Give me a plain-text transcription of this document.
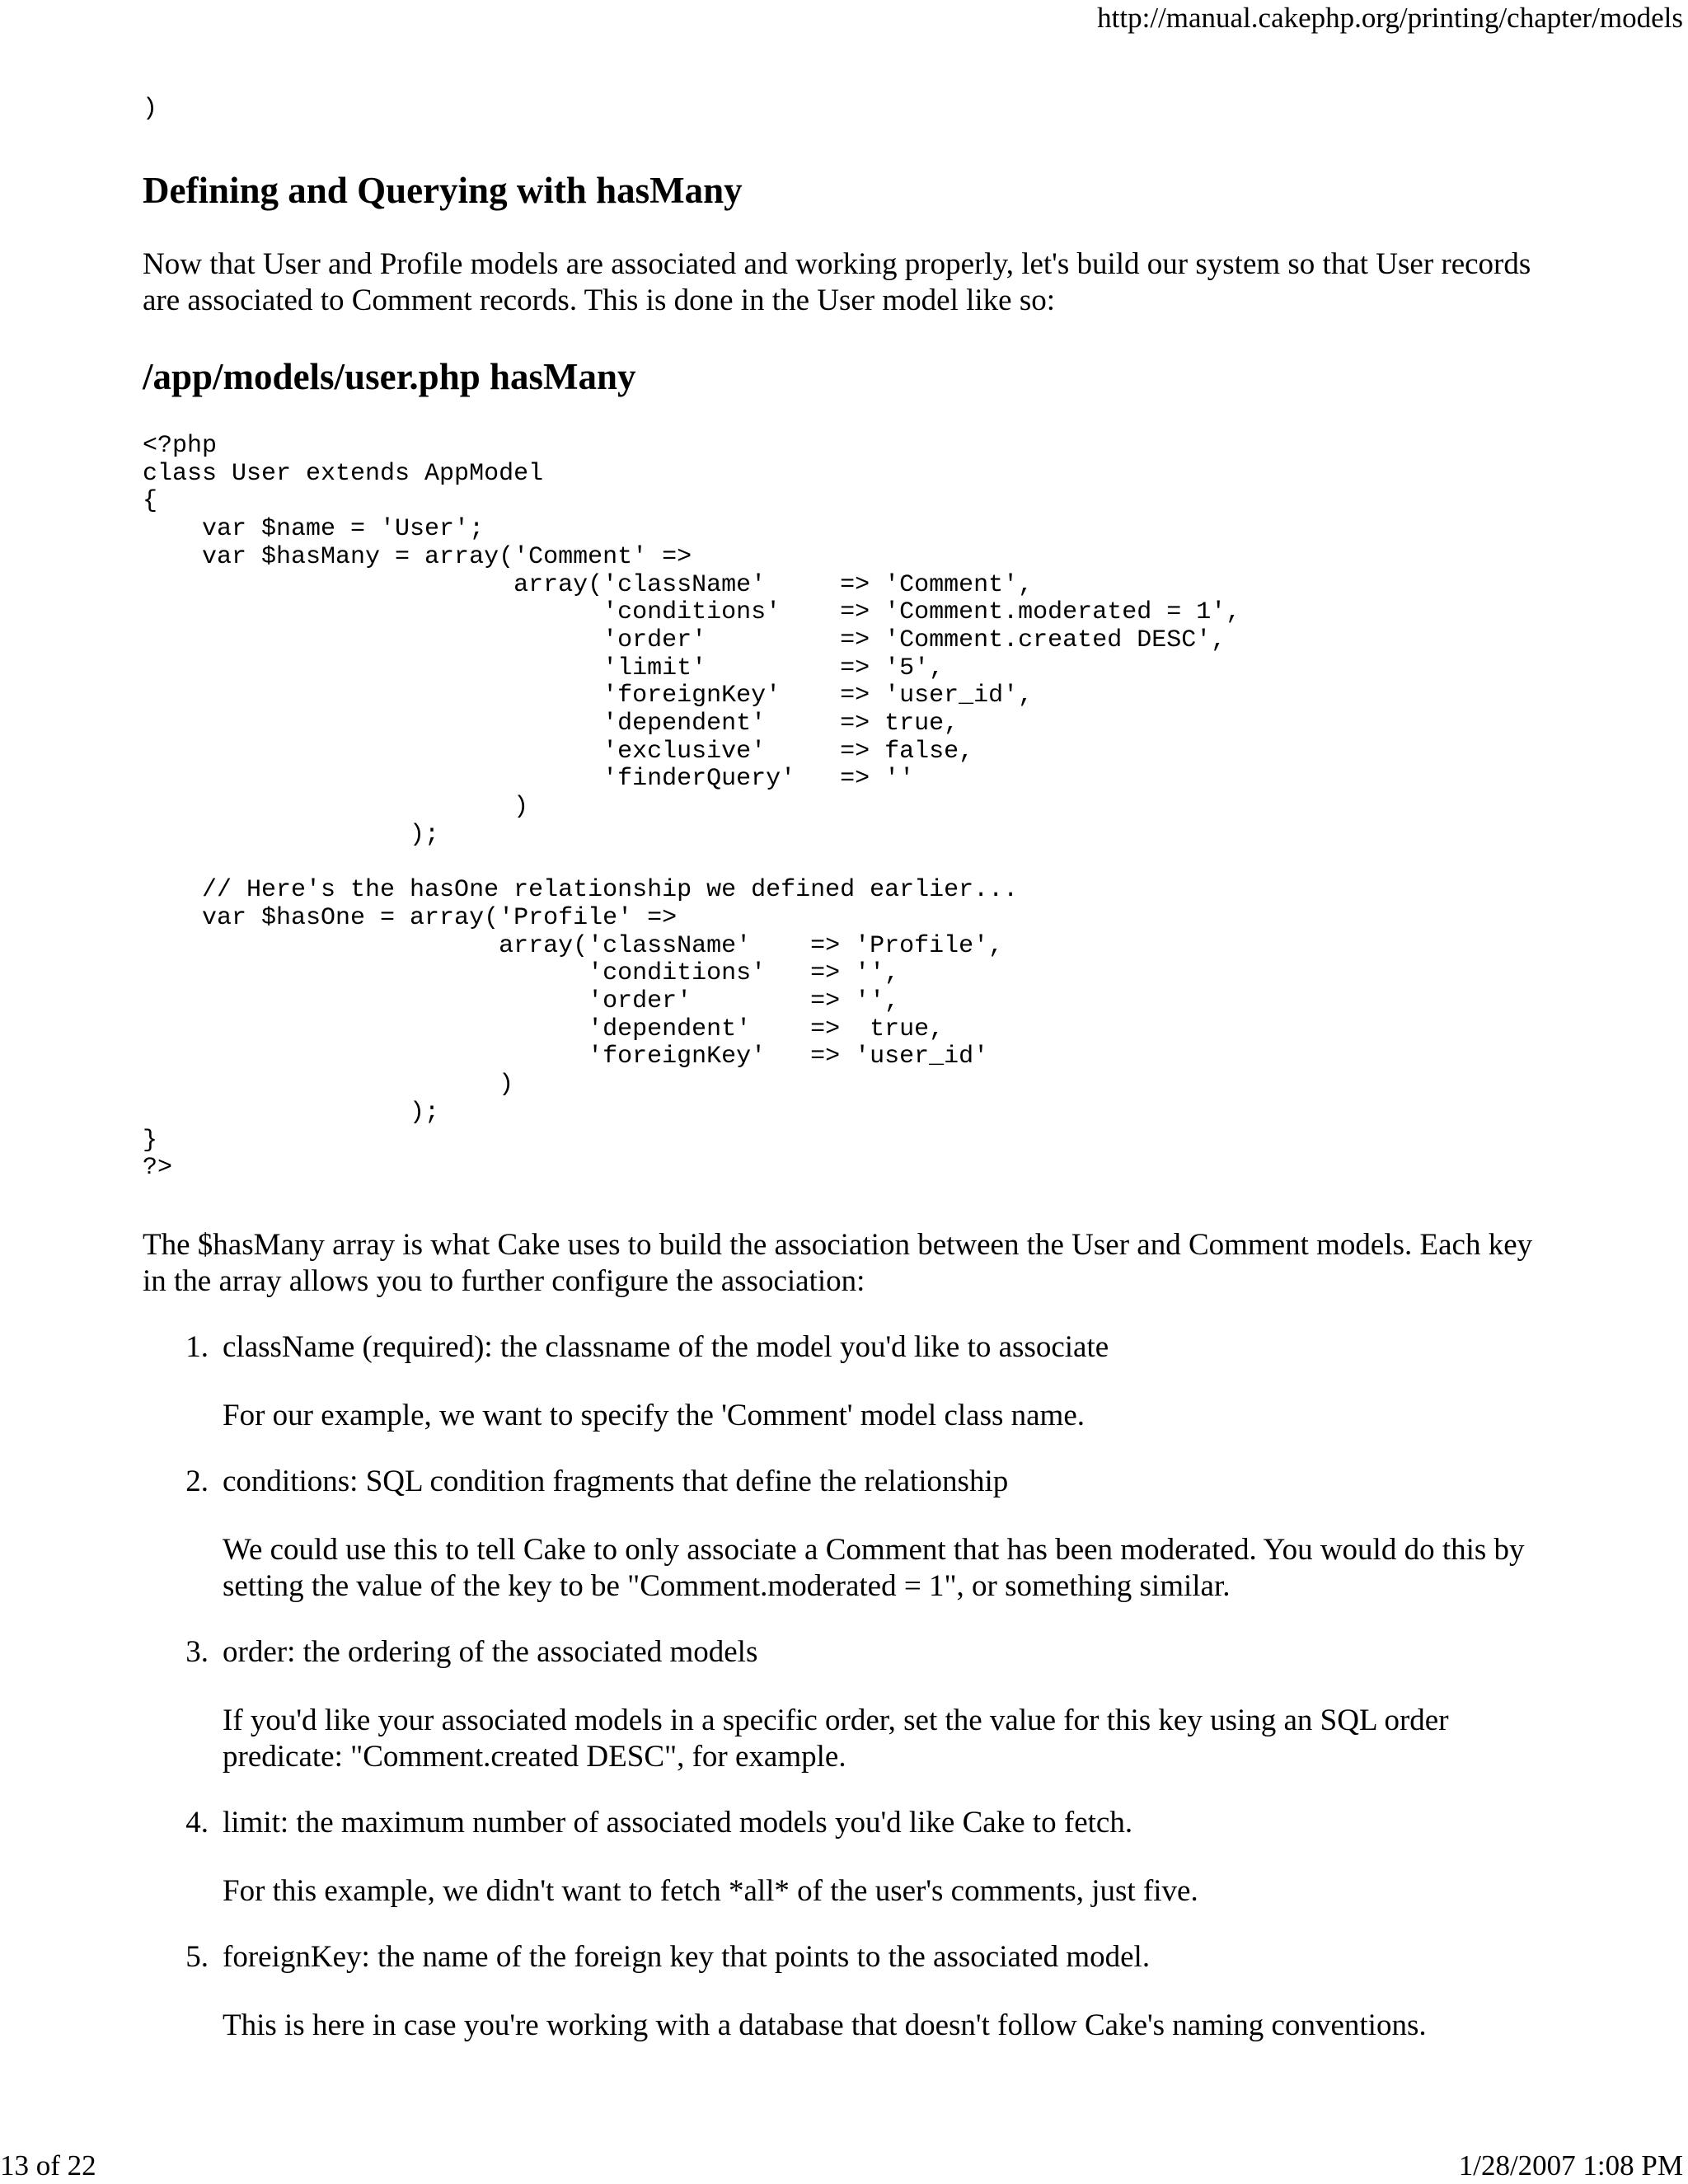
http://manual.cakephp.org/printing/chapter/models
)
Defining and Querying with hasMany

Now that User and Profile models are associated and working properly, let's build our system so that User records are associated to Comment records. This is done in the User model like so:

/app/models/user.php hasMany
<?php
class User extends AppModel
{
var $name = 'User';
var $hasMany = array('Comment' =>
array('className'     => 'Comment',
'conditions'    => 'Comment.moderated = 1',
'order'         => 'Comment.created DESC',
'limit'         => '5',
'foreignKey'    => 'user_id',
'dependent'     => true,
'exclusive'     => false,
'finderQuery'   => ''
)
);

// Here's the hasOne relationship we defined earlier...
var $hasOne = array('Profile' =>
array('className'    => 'Profile',
'conditions'   => '',
'order'        => '',
'dependent'    =>  true,
'foreignKey'   => 'user_id'
)
);
}
?>

The $hasMany array is what Cake uses to build the association between the User and Comment models. Each key in the array allows you to further configure the association:

1. className (required): the classname of the model you'd like to associate

For our example, we want to specify the 'Comment' model class name.

2. conditions: SQL condition fragments that define the relationship

We could use this to tell Cake to only associate a Comment that has been moderated. You would do this by setting the value of the key to be "Comment.moderated = 1", or something similar.

3. order: the ordering of the associated models

If you'd like your associated models in a specific order, set the value for this key using an SQL order predicate: "Comment.created DESC", for example.

4. limit: the maximum number of associated models you'd like Cake to fetch.

For this example, we didn't want to fetch *all* of the user's comments, just five.

5. foreignKey: the name of the foreign key that points to the associated model.

This is here in case you're working with a database that doesn't follow Cake's naming conventions.

13 of 22	1/28/2007 1:08 PM
